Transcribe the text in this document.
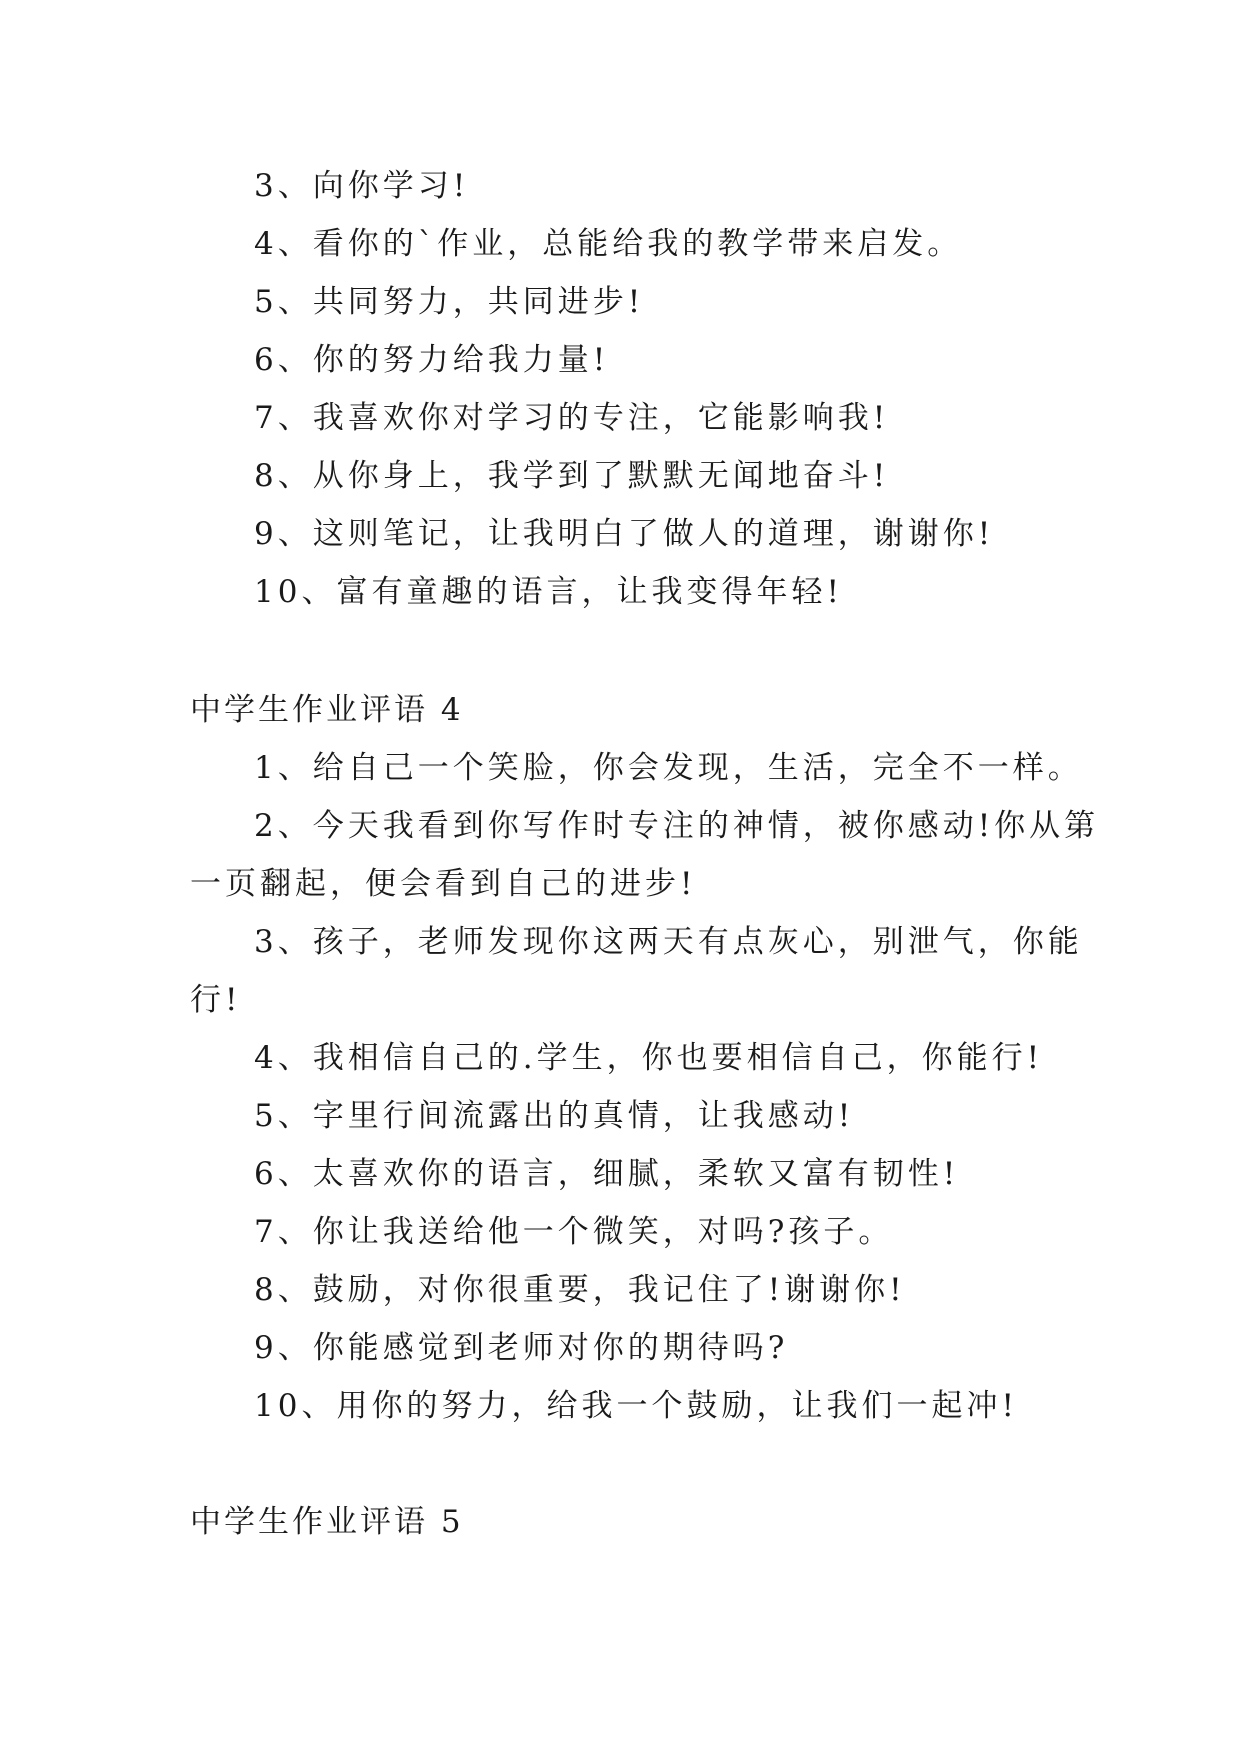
3、向你学习!
4、看你的`作业，总能给我的教学带来启发。
5、共同努力，共同进步!
6、你的努力给我力量!
7、我喜欢你对学习的专注，它能影响我!
8、从你身上，我学到了默默无闻地奋斗!
9、这则笔记，让我明白了做人的道理，谢谢你!
10、富有童趣的语言，让我变得年轻!
中学生作业评语 4
1、给自己一个笑脸，你会发现，生活，完全不一样。
2、今天我看到你写作时专注的神情，被你感动!你从第
一页翻起，便会看到自己的进步!
3、孩子，老师发现你这两天有点灰心，别泄气，你能
行!
4、我相信自己的.学生，你也要相信自己，你能行!
5、字里行间流露出的真情，让我感动!
6、太喜欢你的语言，细腻，柔软又富有韧性!
7、你让我送给他一个微笑，对吗?孩子。
8、鼓励，对你很重要，我记住了!谢谢你!
9、你能感觉到老师对你的期待吗?
10、用你的努力，给我一个鼓励，让我们一起冲!
中学生作业评语 5
